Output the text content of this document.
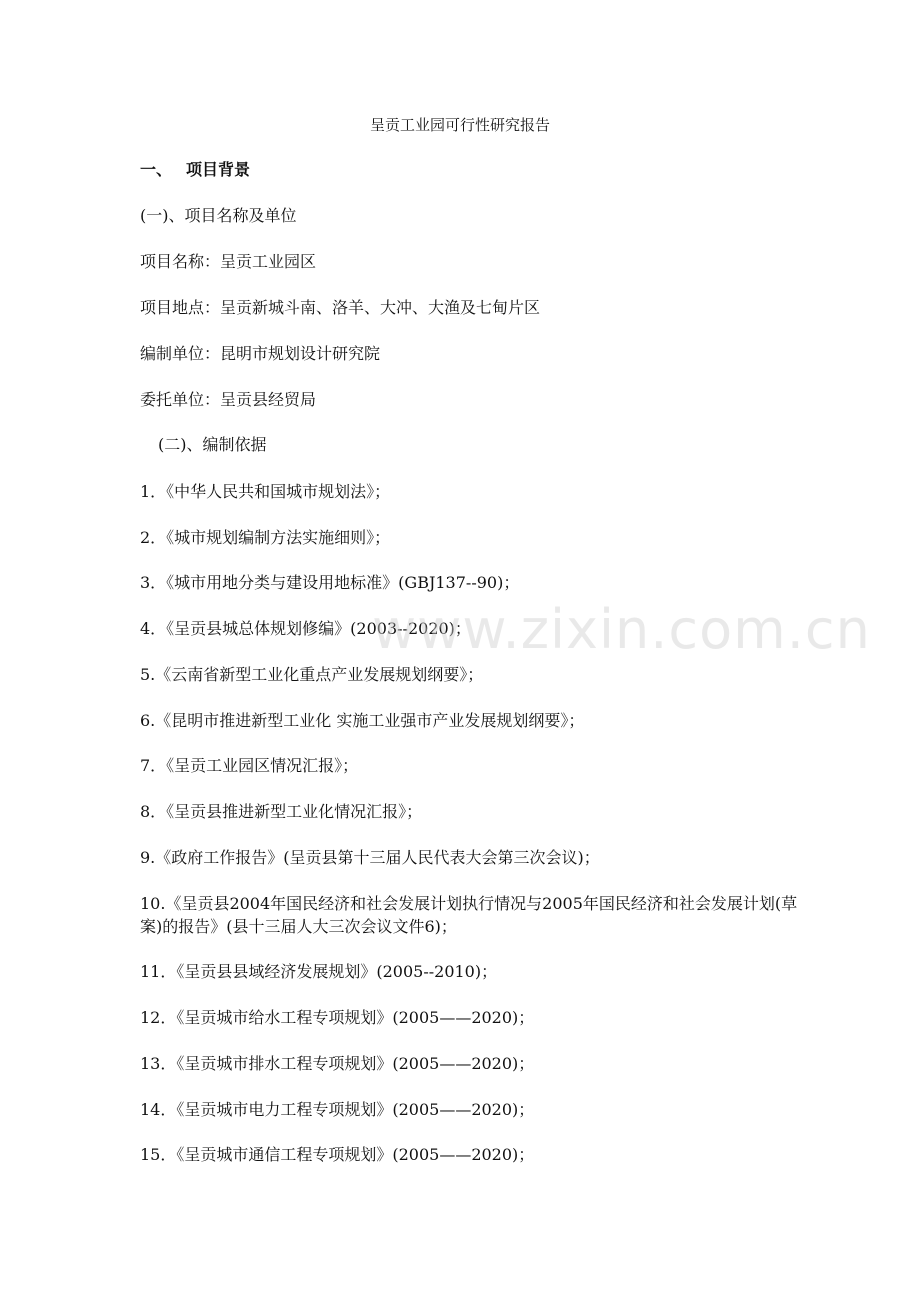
呈贡工业园可行性研究报告
一、 项目背景
(一)、项目名称及单位
项目名称：呈贡工业园区
项目地点：呈贡新城斗南、洛羊、大冲、大渔及七甸片区
编制单位：昆明市规划设计研究院
委托单位：呈贡县经贸局
(二)、编制依据
1．《中华人民共和国城市规划法》；
2．《城市规划编制方法实施细则》；
3．《城市用地分类与建设用地标准》(GBJ137--90)；
4．《呈贡县城总体规划修编》(2003--2020)；
5.《云南省新型工业化重点产业发展规划纲要》；
6.《昆明市推进新型工业化 实施工业强市产业发展规划纲要》；
7．《呈贡工业园区情况汇报》；
8．《呈贡县推进新型工业化情况汇报》；
9.《政府工作报告》(呈贡县第十三届人民代表大会第三次会议)；
10.《呈贡县2004年国民经济和社会发展计划执行情况与2005年国民经济和社会发展计划(草案)的报告》(县十三届人大三次会议文件6)；
11．《呈贡县县域经济发展规划》(2005--2010)；
12．《呈贡城市给水工程专项规划》(2005——2020)；
13．《呈贡城市排水工程专项规划》(2005——2020)；
14．《呈贡城市电力工程专项规划》(2005——2020)；
15．《呈贡城市通信工程专项规划》(2005——2020)；
www.zixin.com.cn
